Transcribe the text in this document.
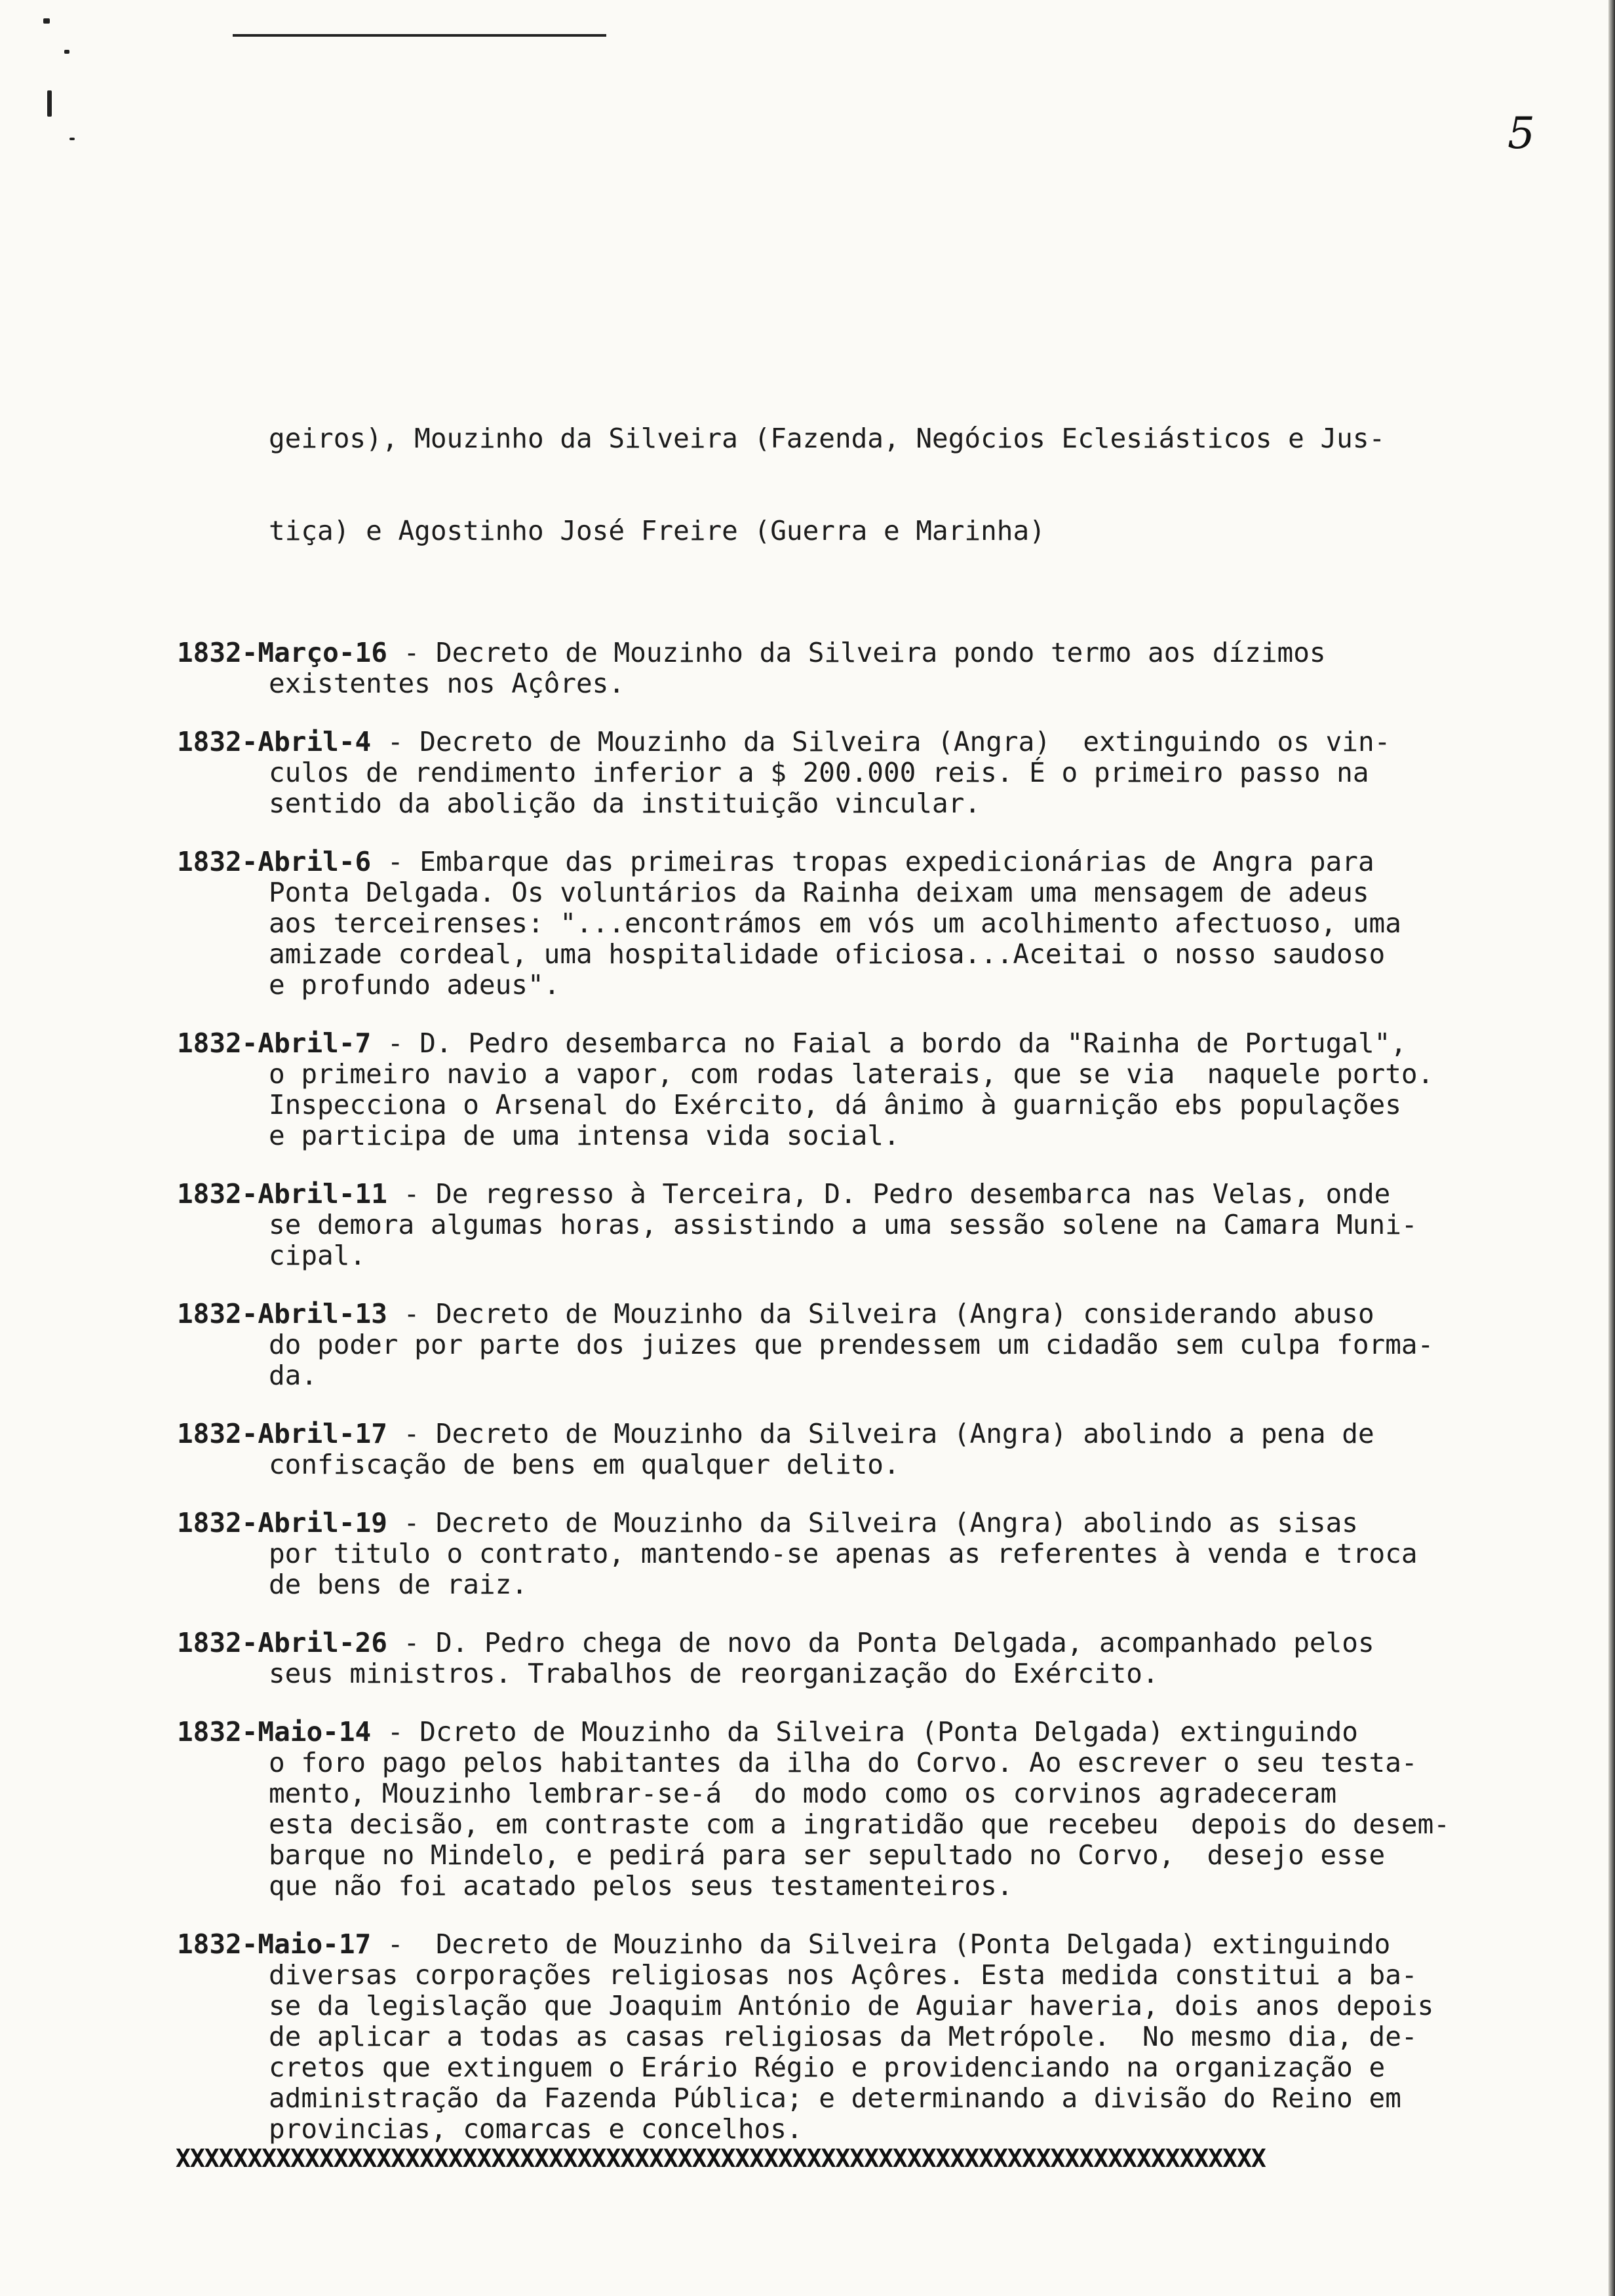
5

geiros), Mouzinho da Silveira (Fazenda, Negócios Eclesiásticos e Jus-

tiça) e Agostinho José Freire (Guerra e Marinha)

1832-Março-16 - Decreto de Mouzinho da Silveira pondo termo aos dízimos
existentes nos Açôres.
1832-Abril-4 - Decreto de Mouzinho da Silveira (Angra)  extinguindo os vin-
culos de rendimento inferior a $ 200.000 reis. É o primeiro passo na
sentido da abolição da instituição vincular.
1832-Abril-6 - Embarque das primeiras tropas expedicionárias de Angra para
Ponta Delgada. Os voluntários da Rainha deixam uma mensagem de adeus
aos terceirenses: "...encontrámos em vós um acolhimento afectuoso, uma
amizade cordeal, uma hospitalidade oficiosa...Aceitai o nosso saudoso
e profundo adeus".
1832-Abril-7 - D. Pedro desembarca no Faial a bordo da "Rainha de Portugal",
o primeiro navio a vapor, com rodas laterais, que se via  naquele porto.
Inspecciona o Arsenal do Exército, dá ânimo à guarnição ebs populações
e participa de uma intensa vida social.
1832-Abril-11 - De regresso à Terceira, D. Pedro desembarca nas Velas, onde
se demora algumas horas, assistindo a uma sessão solene na Camara Muni-
cipal.
1832-Abril-13 - Decreto de Mouzinho da Silveira (Angra) considerando abuso
do poder por parte dos juizes que prendessem um cidadão sem culpa forma-
da.
1832-Abril-17 - Decreto de Mouzinho da Silveira (Angra) abolindo a pena de
confiscação de bens em qualquer delito.
1832-Abril-19 - Decreto de Mouzinho da Silveira (Angra) abolindo as sisas
por titulo o contrato, mantendo-se apenas as referentes à venda e troca
de bens de raiz.
1832-Abril-26 - D. Pedro chega de novo da Ponta Delgada, acompanhado pelos
seus ministros. Trabalhos de reorganização do Exército.
1832-Maio-14 - Dcreto de Mouzinho da Silveira (Ponta Delgada) extinguindo
o foro pago pelos habitantes da ilha do Corvo. Ao escrever o seu testa-
mento, Mouzinho lembrar-se-á  do modo como os corvinos agradeceram
esta decisão, em contraste com a ingratidão que recebeu  depois do desem-
barque no Mindelo, e pedirá para ser sepultado no Corvo,  desejo esse
que não foi acatado pelos seus testamenteiros.
1832-Maio-17 -  Decreto de Mouzinho da Silveira (Ponta Delgada) extinguindo
diversas corporações religiosas nos Açôres. Esta medida constitui a ba-
se da legislação que Joaquim António de Aguiar haveria, dois anos depois
de aplicar a todas as casas religiosas da Metrópole.  No mesmo dia, de-
cretos que extinguem o Erário Régio e providenciando na organização e
administração da Fazenda Pública; e determinando a divisão do Reino em
provincias, comarcas e concelhos.
XXXXXXXXXXXXXXXXXXXXXXXXXXXXXXXXXXXXXXXXXXXXXXXXXXXXXXXXXXXXXXXXXXXXXXXXXXXX
